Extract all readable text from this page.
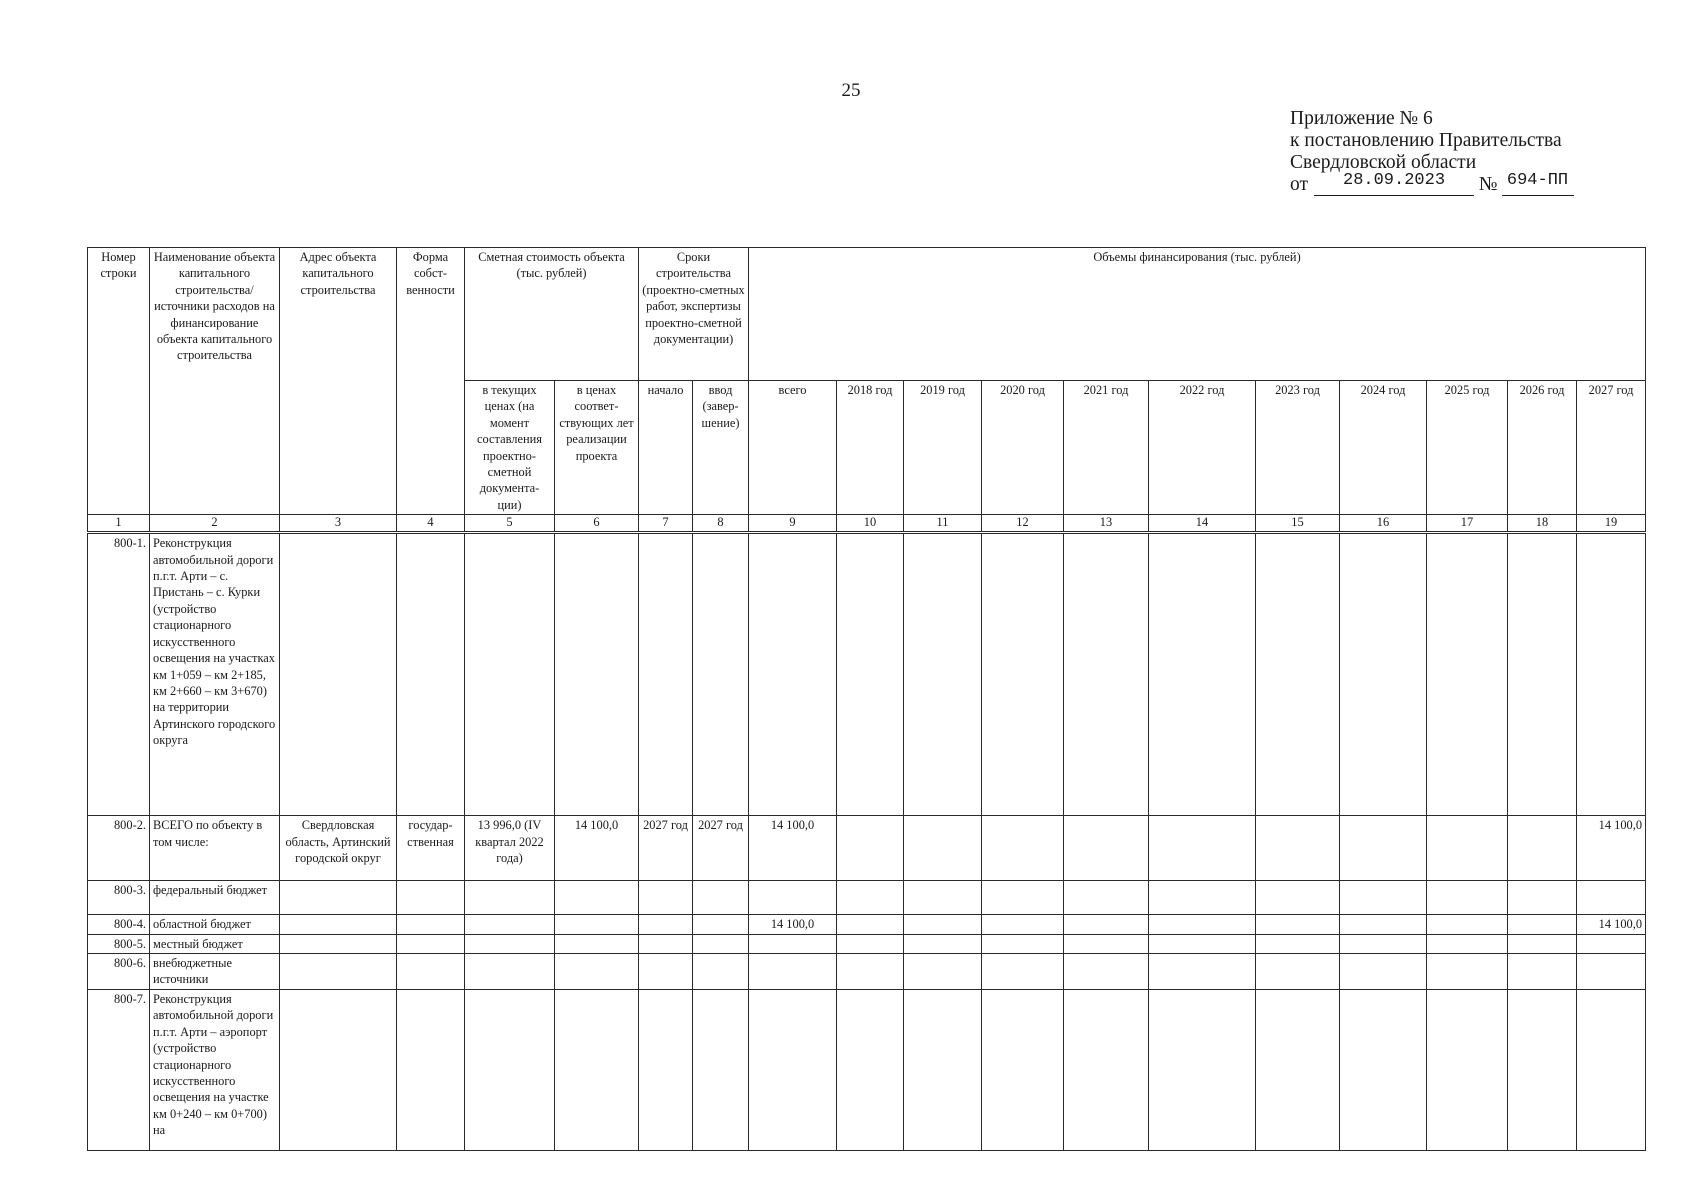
25
Приложение № 6
к постановлению Правительства
Свердловской области
от	28.09.2023	№ 694-ПП
Номер строки	Наименование объекта капитального строительства/ источники расходов на финансирование объекта капитального строительства	Адрес объекта капитального строительства	Форма собст-венности	Сметная стоимость объекта (тыс. рублей)		Сроки строительства (проектно-сметных работ, экспертизы проектно-сметной документации)		Объемы финансирования (тыс. рублей)										
				в текущих ценах (на момент составления проектно-сметной документа-ции)	в ценах соответ-ствующих лет реализации проекта	начало	ввод (завер-шение)	всего	2018 год	2019 год	2020 год	2021 год	2022 год	2023 год	2024 год	2025 год	2026 год	2027 год
1	2	3	4	5	6	7	8	9	10	11	12	13	14	15	16	17	18	19
800-1.	Реконструкция автомобильной дороги п.г.т. Арти – с. Пристань – с. Курки (устройство стационарного искусственного освещения на участках км 1+059 – км 2+185, км 2+660 – км 3+670) на территории Артинского городского округа																	
800-2.	ВСЕГО по объекту в том числе:	Свердловская область, Артинский городской округ	государ-ственная	13 996,0 (IV квартал 2022 года)	14 100,0	2027 год	2027 год	14 100,0										14 100,0
800-3.	федеральный бюджет																	
800-4.	областной бюджет							14 100,0										14 100,0
800-5.	местный бюджет																	
800-6.	внебюджетные источники																	
800-7.	Реконструкция автомобильной дороги п.г.т. Арти – аэропорт (устройство стационарного искусственного освещения на участке км 0+240 – км 0+700) на																	
